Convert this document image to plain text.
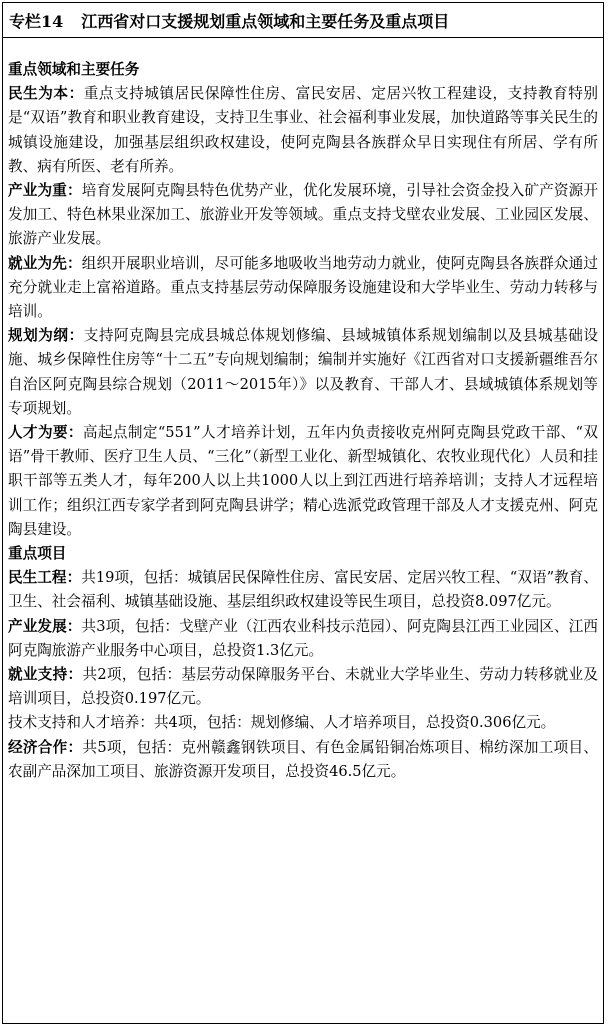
专栏14 江西省对口支援规划重点领域和主要任务及重点项目

重点领域和主要任务

民生为本：重点支持城镇居民保障性住房、富民安居、定居兴牧工程建设，支持教育特别是“双语”教育和职业教育建设，支持卫生事业、社会福利事业发展，加快道路等事关民生的城镇设施建设，加强基层组织政权建设，使阿克陶县各族群众早日实现住有所居、学有所教、病有所医、老有所养。

产业为重：培育发展阿克陶县特色优势产业，优化发展环境，引导社会资金投入矿产资源开发加工、特色林果业深加工、旅游业开发等领域。重点支持戈壁农业发展、工业园区发展、旅游产业发展。

就业为先：组织开展职业培训，尽可能多地吸收当地劳动力就业，使阿克陶县各族群众通过充分就业走上富裕道路。重点支持基层劳动保障服务设施建设和大学毕业生、劳动力转移与培训。

规划为纲：支持阿克陶县完成县城总体规划修编、县域城镇体系规划编制以及县城基础设施、城乡保障性住房等“十二五”专向规划编制；编制并实施好《江西省对口支援新疆维吾尔自治区阿克陶县综合规划（2011～2015年）》以及教育、干部人才、县域城镇体系规划等专项规划。

人才为要：高起点制定“551”人才培养计划，五年内负责接收克州阿克陶县党政干部、“双语”骨干教师、医疗卫生人员、“三化”（新型工业化、新型城镇化、农牧业现代化）人员和挂职干部等五类人才，每年200人以上共1000人以上到江西进行培养培训；支持人才远程培训工作；组织江西专家学者到阿克陶县讲学；精心选派党政管理干部及人才支援克州、阿克陶县建设。

重点项目

民生工程：共19项，包括：城镇居民保障性住房、富民安居、定居兴牧工程、“双语”教育、卫生、社会福利、城镇基础设施、基层组织政权建设等民生项目，总投资8.097亿元。

产业发展：共3项，包括：戈壁产业（江西农业科技示范园）、阿克陶县江西工业园区、江西阿克陶旅游产业服务中心项目，总投资1.3亿元。

就业支持：共2项，包括：基层劳动保障服务平台、未就业大学毕业生、劳动力转移就业及培训项目，总投资0.197亿元。

技术支持和人才培养：共4项，包括：规划修编、人才培养项目，总投资0.306亿元。

经济合作：共5项，包括：克州赣鑫钢铁项目、有色金属铅铜冶炼项目、棉纺深加工项目、农副产品深加工项目、旅游资源开发项目，总投资46.5亿元。
